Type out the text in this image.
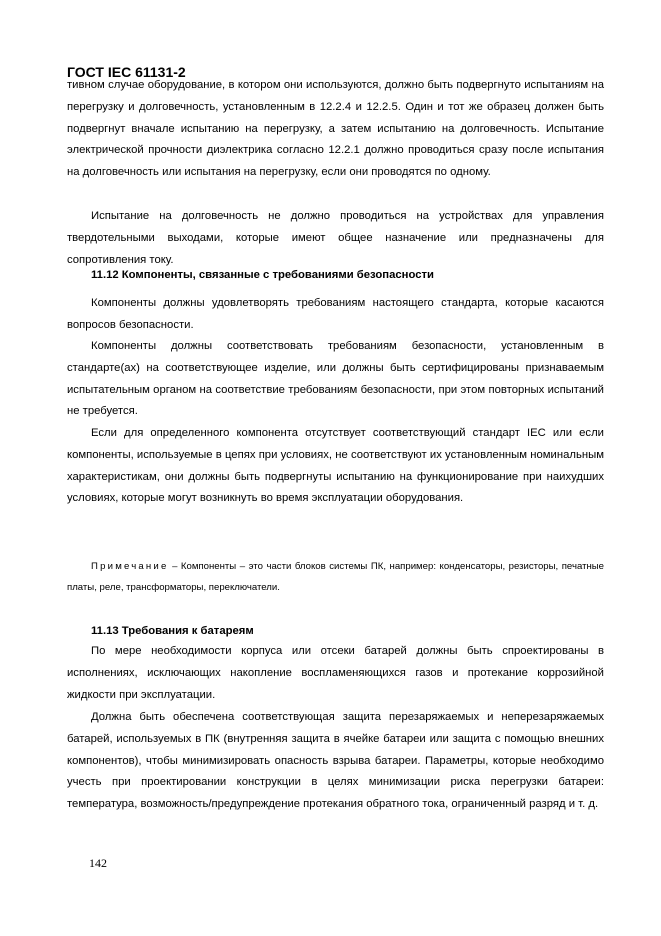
ГОСТ IEC 61131-2

тивном случае оборудование, в котором они используются, должно быть подвергнуто испытаниям на перегрузку и долговечность, установленным в 12.2.4 и 12.2.5. Один и тот же образец должен быть подвергнут вначале испытанию на перегрузку, а затем испытанию на долговечность. Испытание электрической прочности диэлектрика согласно 12.2.1 должно проводиться сразу после испытания на долговечность или испытания на перегрузку, если они проводятся по одному.

Испытание на долговечность не должно проводиться на устройствах для управления твердотельными выходами, которые имеют общее назначение или предназначены для сопротивления току.

11.12 Компоненты, связанные с требованиями безопасности

Компоненты должны удовлетворять требованиям настоящего стандарта, которые касаются вопросов безопасности.

Компоненты должны соответствовать требованиям безопасности, установленным в стандарте(ах) на соответствующее изделие, или должны быть сертифицированы признаваемым испытательным органом на соответствие требованиям безопасности, при этом повторных испытаний не требуется.

Если для определенного компонента отсутствует соответствующий стандарт IEC или если компоненты, используемые в цепях при условиях, не соответствуют их установленным номинальным характеристикам, они должны быть подвергнуты испытанию на функционирование при наихудших условиях, которые могут возникнуть во время эксплуатации оборудования.

Примечание – Компоненты – это части блоков системы ПК, например: конденсаторы, резисторы, печатные платы, реле, трансформаторы, переключатели.

11.13 Требования к батареям

По мере необходимости корпуса или отсеки батарей должны быть спроектированы в исполнениях, исключающих накопление воспламеняющихся газов и протекание коррозийной жидкости при эксплуатации.

Должна быть обеспечена соответствующая защита перезаряжаемых и неперезаряжаемых батарей, используемых в ПК (внутренняя защита в ячейке батареи или защита с помощью внешних компонентов), чтобы минимизировать опасность взрыва батареи. Параметры, которые необходимо учесть при проектировании конструкции в целях минимизации риска перегрузки батареи: температура, возможность/предупреждение протекания обратного тока, ограниченный разряд и т. д.

142
